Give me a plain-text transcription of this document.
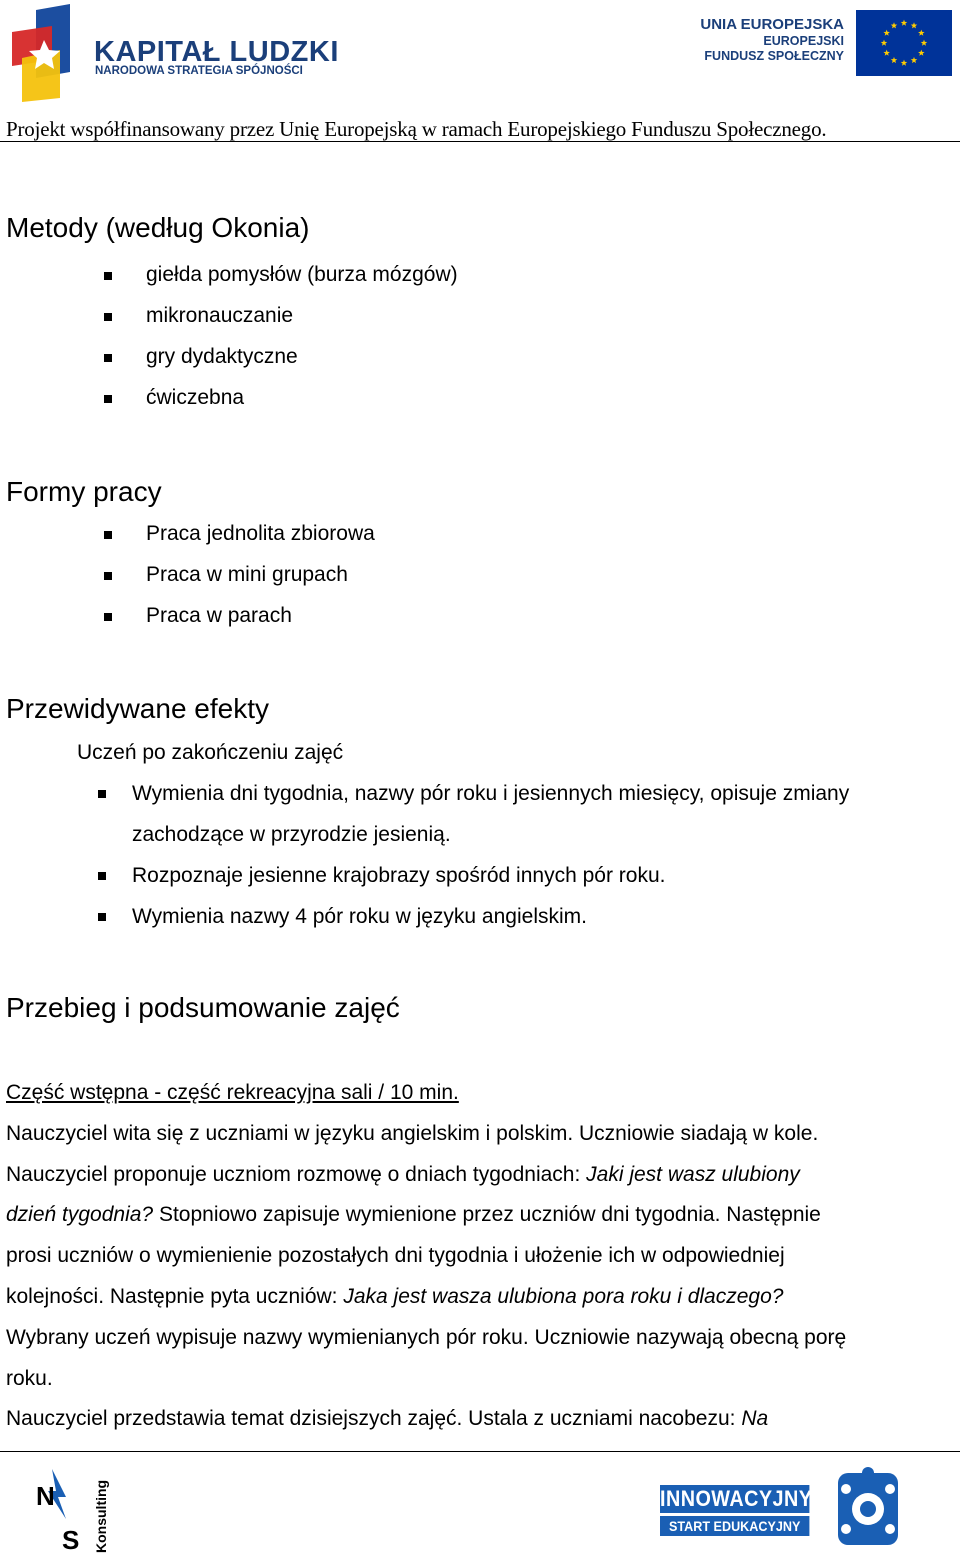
KAPITAŁ LUDZKI
NARODOWA STRATEGIA SPÓJNOŚCI
UNIA EUROPEJSKA
EUROPEJSKI
FUNDUSZ SPOŁECZNY
Projekt współfinansowany przez Unię Europejską w ramach Europejskiego Funduszu Społecznego.
Metody (według Okonia)
giełda pomysłów (burza mózgów)
mikronauczanie
gry dydaktyczne
ćwiczebna
Formy pracy
Praca jednolita zbiorowa
Praca w mini grupach
Praca w parach
Przewidywane efekty
Uczeń po zakończeniu zajęć
Wymienia dni tygodnia, nazwy pór roku i jesiennych miesięcy, opisuje zmiany
zachodzące w przyrodzie jesienią.
Rozpoznaje jesienne krajobrazy spośród innych pór roku.
Wymienia nazwy 4 pór roku w języku angielskim.
Przebieg i podsumowanie zajęć
Część wstępna - część rekreacyjna sali / 10 min.
Nauczyciel wita się z uczniami w języku angielskim i polskim. Uczniowie siadają w kole.
Nauczyciel proponuje uczniom rozmowę o dniach tygodniach: Jaki jest wasz ulubiony
dzień tygodnia? Stopniowo zapisuje wymienione przez uczniów dni tygodnia. Następnie
prosi uczniów o wymienienie pozostałych dni tygodnia i ułożenie ich w odpowiedniej
kolejności. Następnie pyta uczniów: Jaka jest wasza ulubiona pora roku i dlaczego?
Wybrany uczeń wypisuje nazwy wymienianych pór roku. Uczniowie nazywają obecną porę
roku.
Nauczyciel przedstawia temat dzisiejszych zajęć. Ustala z uczniami nacobezu: Na
N
S Konsulting	INNOWACYJNY
START EDUKACYJNY
